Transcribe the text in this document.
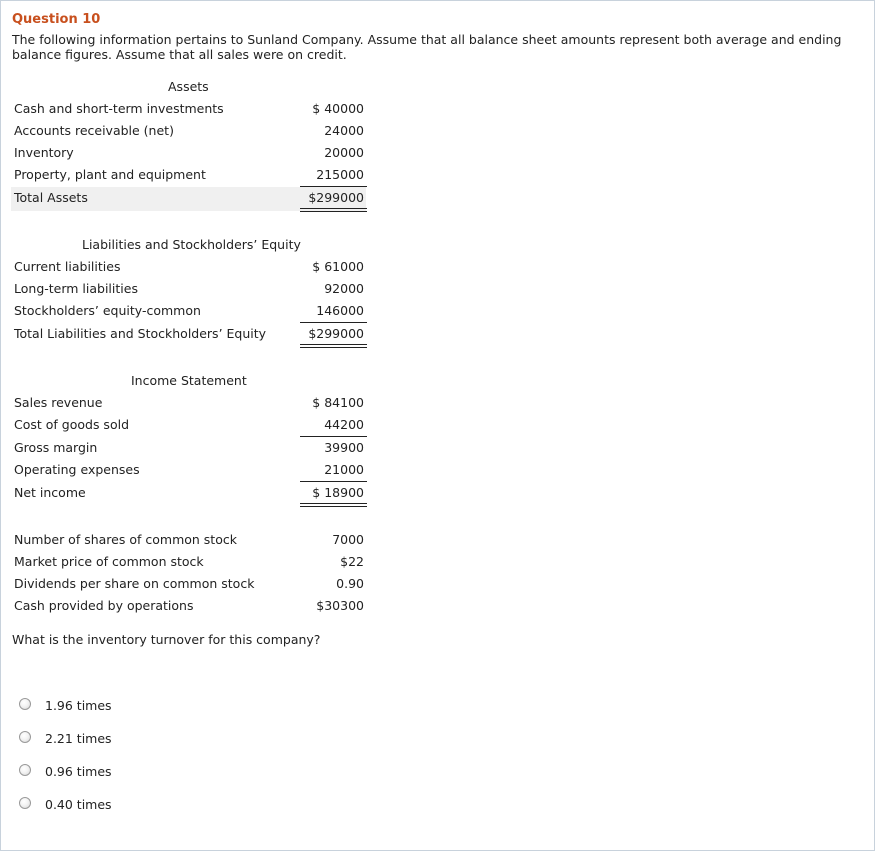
Question 10
The following information pertains to Sunland Company. Assume that all balance sheet amounts represent both average and ending balance figures. Assume that all sales were on credit.
Assets
Cash and short-term investments	$ 40000
Accounts receivable (net)	24000
Inventory	20000
Property, plant and equipment	215000
Total Assets	$299000
Liabilities and Stockholders’ Equity
Current liabilities	$ 61000
Long-term liabilities	92000
Stockholders’ equity-common	146000
Total Liabilities and Stockholders’ Equity	$299000
Income Statement
Sales revenue	$ 84100
Cost of goods sold	44200
Gross margin	39900
Operating expenses	21000
Net income	$ 18900
Number of shares of common stock	7000
Market price of common stock	$22
Dividends per share on common stock	0.90
Cash provided by operations	$30300
What is the inventory turnover for this company?
1.96 times
2.21 times
0.96 times
0.40 times
